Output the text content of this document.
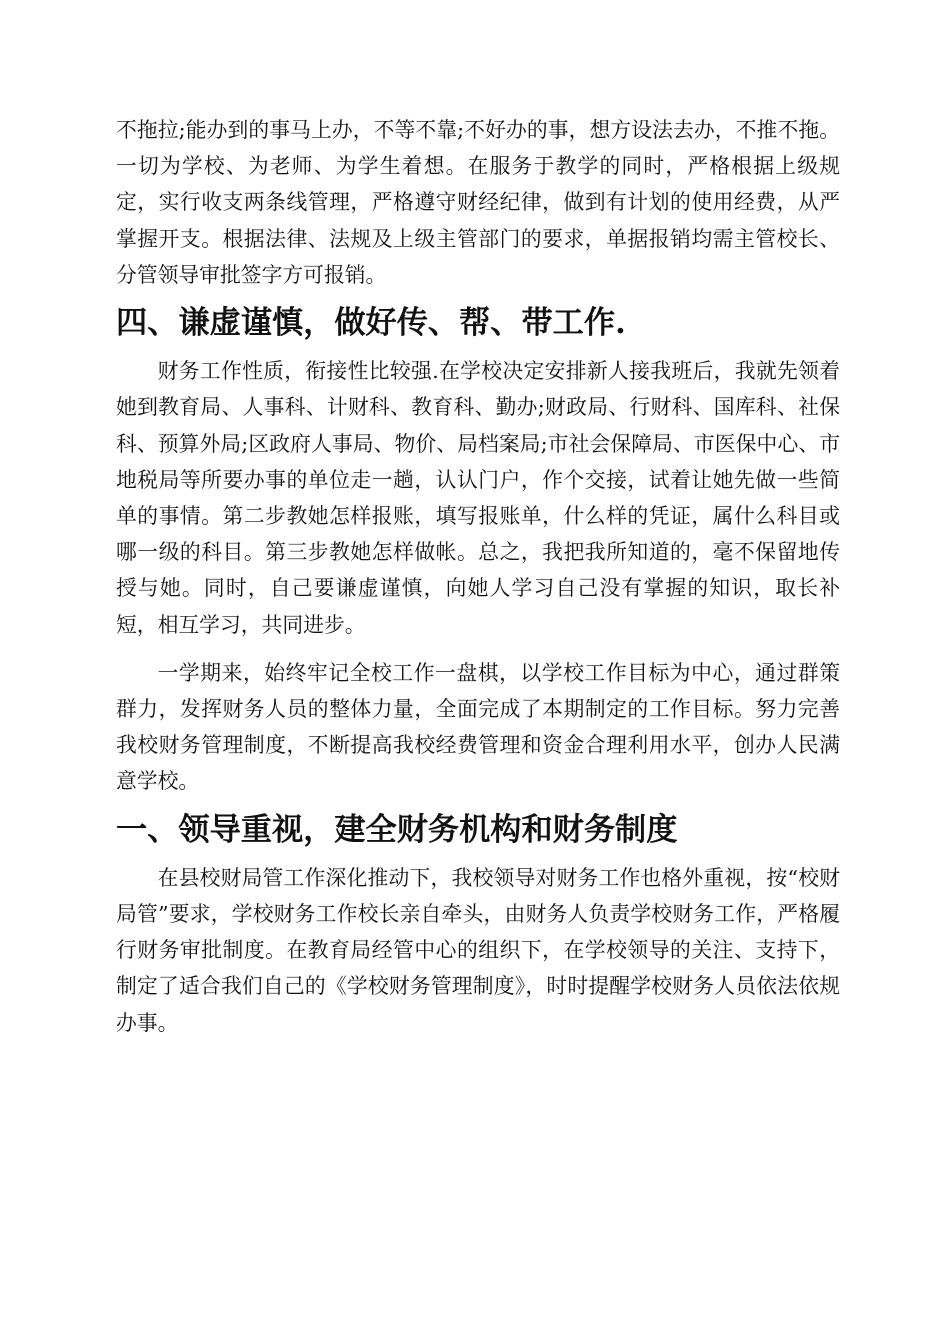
不拖拉;能办到的事马上办，不等不靠;不好办的事，想方设法去办，不推不拖。一切为学校、为老师、为学生着想。在服务于教学的同时，严格根据上级规定，实行收支两条线管理，严格遵守财经纪律，做到有计划的使用经费，从严掌握开支。根据法律、法规及上级主管部门的要求，单据报销均需主管校长、分管领导审批签字方可报销。

四、谦虚谨慎，做好传、帮、带工作.

财务工作性质，衔接性比较强.在学校决定安排新人接我班后，我就先领着她到教育局、人事科、计财科、教育科、勤办;财政局、行财科、国库科、社保科、预算外局;区政府人事局、物价、局档案局;市社会保障局、市医保中心、市地税局等所要办事的单位走一趟，认认门户，作个交接，试着让她先做一些简单的事情。第二步教她怎样报账，填写报账单，什么样的凭证，属什么科目或哪一级的科目。第三步教她怎样做帐。总之，我把我所知道的，毫不保留地传授与她。同时，自己要谦虚谨慎，向她人学习自己没有掌握的知识，取长补短，相互学习，共同进步。

一学期来，始终牢记全校工作一盘棋，以学校工作目标为中心，通过群策群力，发挥财务人员的整体力量，全面完成了本期制定的工作目标。努力完善我校财务管理制度，不断提高我校经费管理和资金合理利用水平，创办人民满意学校。

一、领导重视，建全财务机构和财务制度

在县校财局管工作深化推动下，我校领导对财务工作也格外重视，按“校财局管”要求，学校财务工作校长亲自牵头，由财务人负责学校财务工作，严格履行财务审批制度。在教育局经管中心的组织下，在学校领导的关注、支持下，制定了适合我们自己的《学校财务管理制度》，时时提醒学校财务人员依法依规办事。
